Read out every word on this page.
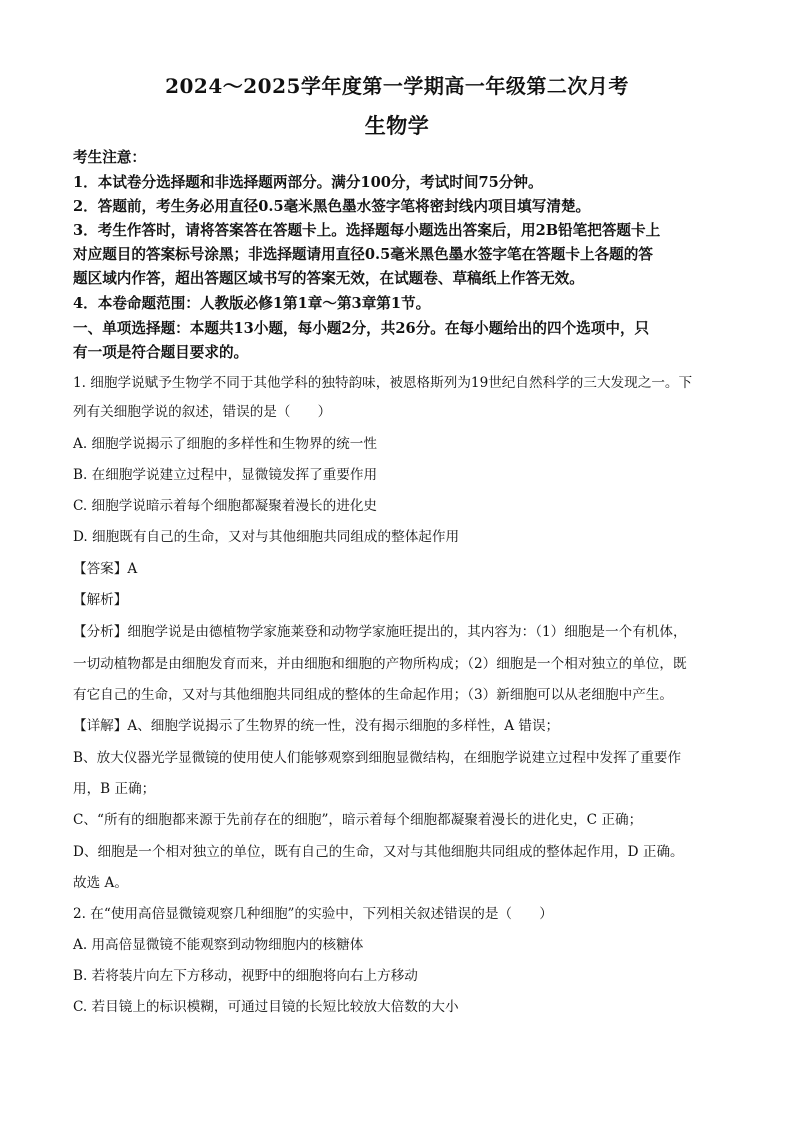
2024～2025学年度第一学期高一年级第二次月考
生物学
考生注意：
1．本试卷分选择题和非选择题两部分。满分100分，考试时间75分钟。
2．答题前，考生务必用直径0.5毫米黑色墨水签字笔将密封线内项目填写清楚。
3．考生作答时，请将答案答在答题卡上。选择题每小题选出答案后，用2B铅笔把答题卡上
对应题目的答案标号涂黑；非选择题请用直径0.5毫米黑色墨水签字笔在答题卡上各题的答
题区域内作答，超出答题区域书写的答案无效，在试题卷、草稿纸上作答无效。
4．本卷命题范围：人教版必修1第1章～第3章第1节。
一、单项选择题：本题共13小题，每小题2分，共26分。在每小题给出的四个选项中，只
有一项是符合题目要求的。
1. 细胞学说赋予生物学不同于其他学科的独特韵味，被恩格斯列为19世纪自然科学的三大发现之一。下
列有关细胞学说的叙述，错误的是（　　）
A. 细胞学说揭示了细胞的多样性和生物界的统一性
B. 在细胞学说建立过程中，显微镜发挥了重要作用
C. 细胞学说暗示着每个细胞都凝聚着漫长的进化史
D. 细胞既有自己的生命，又对与其他细胞共同组成的整体起作用
【答案】A
【解析】
【分析】细胞学说是由德植物学家施莱登和动物学家施旺提出的，其内容为：（1）细胞是一个有机体，
一切动植物都是由细胞发育而来，并由细胞和细胞的产物所构成；（2）细胞是一个相对独立的单位，既
有它自己的生命，又对与其他细胞共同组成的整体的生命起作用；（3）新细胞可以从老细胞中产生。
【详解】A、细胞学说揭示了生物界的统一性，没有揭示细胞的多样性，A 错误；
B、放大仪器光学显微镜的使用使人们能够观察到细胞显微结构，在细胞学说建立过程中发挥了重要作
用，B 正确；
C、“所有的细胞都来源于先前存在的细胞”，暗示着每个细胞都凝聚着漫长的进化史，C 正确；
D、细胞是一个相对独立的单位，既有自己的生命，又对与其他细胞共同组成的整体起作用，D 正确。
故选 A。
2. 在“使用高倍显微镜观察几种细胞”的实验中，下列相关叙述错误的是（　　）
A. 用高倍显微镜不能观察到动物细胞内的核糖体
B. 若将装片向左下方移动，视野中的细胞将向右上方移动
C. 若目镜上的标识模糊，可通过目镜的长短比较放大倍数的大小
